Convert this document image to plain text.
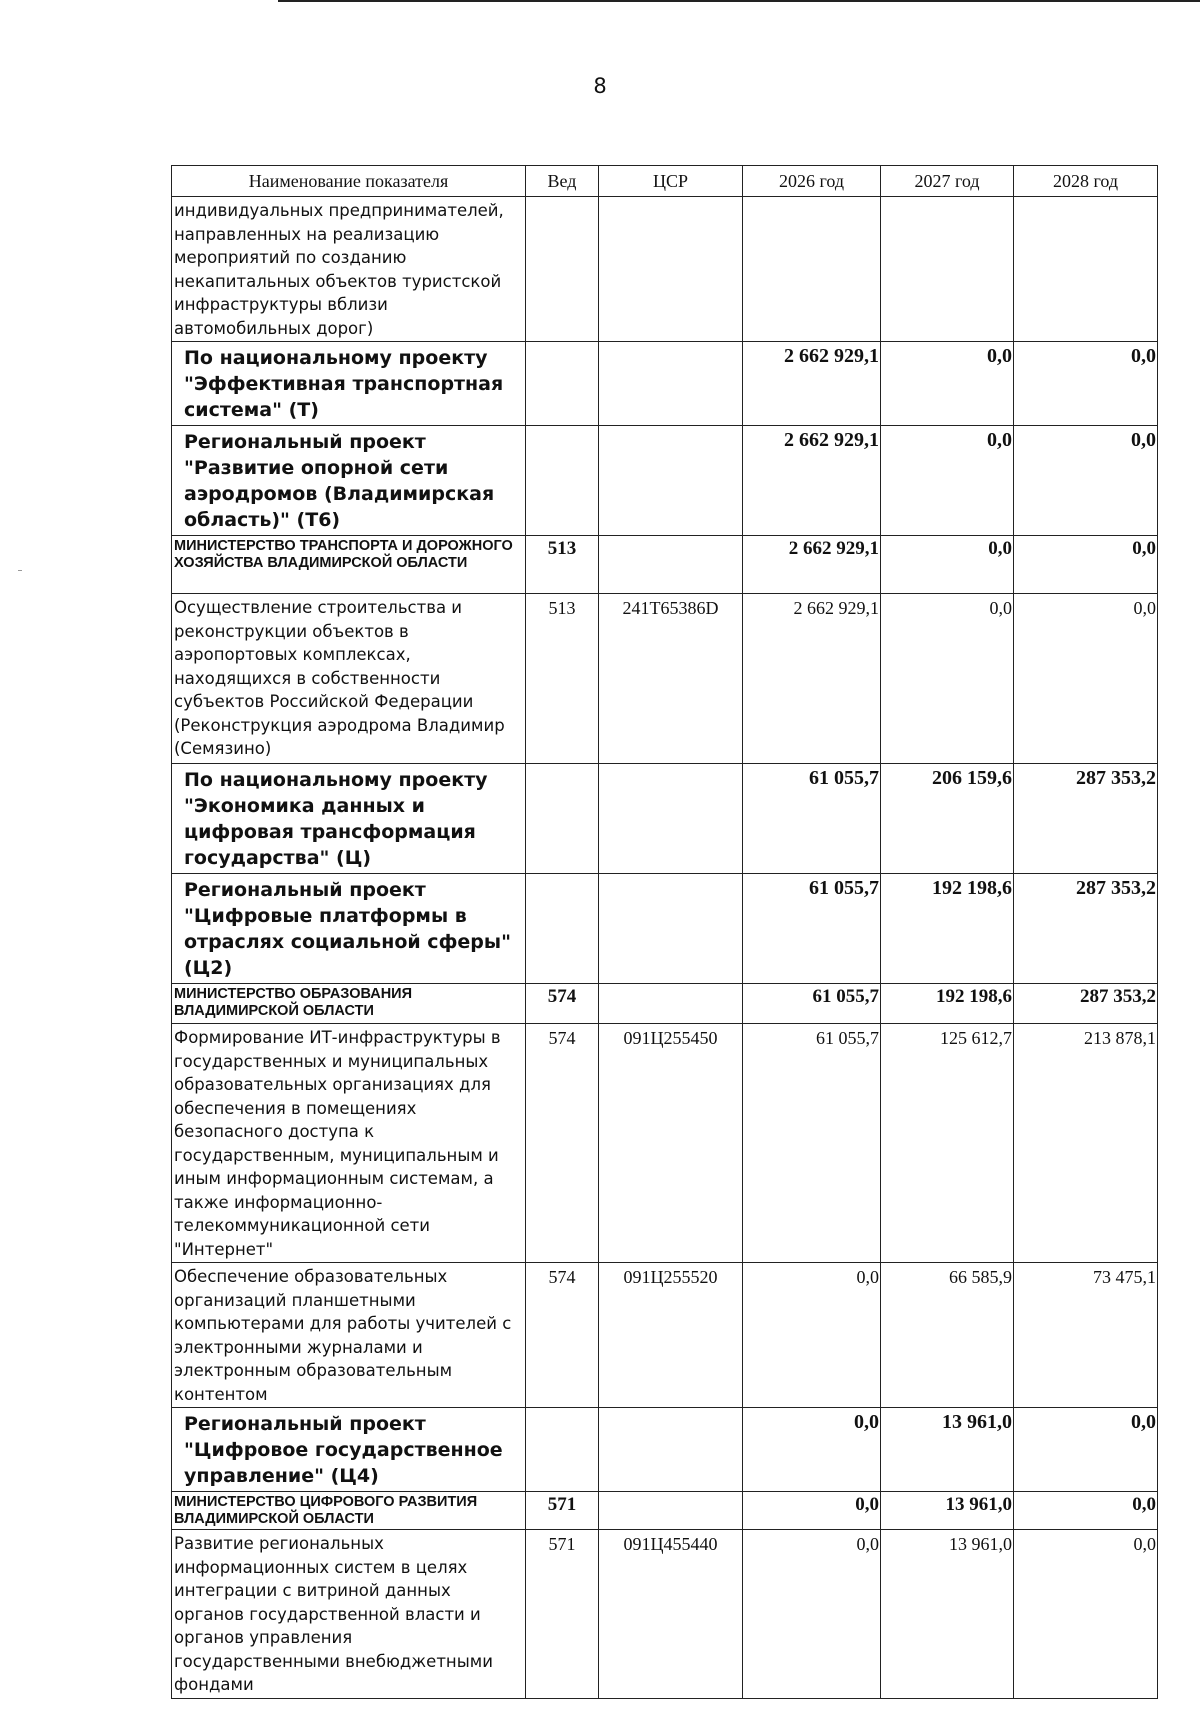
8
Наименование показателя	Вед	ЦСР	2026 год	2027 год	2028 год
индивидуальных предпринимателей, направленных на реализацию мероприятий по созданию некапитальных объектов туристской инфраструктуры вблизи автомобильных дорог)					
По национальному проекту "Эффективная транспортная система" (Т)			2 662 929,1	0,0	0,0
Региональный проект "Развитие опорной сети аэродромов (Владимирская область)" (Т6)			2 662 929,1	0,0	0,0
МИНИСТЕРСТВО ТРАНСПОРТА И ДОРОЖНОГО ХОЗЯЙСТВА ВЛАДИМИРСКОЙ ОБЛАСТИ	513		2 662 929,1	0,0	0,0
Осуществление строительства и реконструкции объектов в аэропортовых комплексах, находящихся в собственности субъектов Российской Федерации (Реконструкция аэродрома Владимир (Семязино)	513	241Т65386D	2 662 929,1	0,0	0,0
По национальному проекту "Экономика данных и цифровая трансформация государства" (Ц)			61 055,7	206 159,6	287 353,2
Региональный проект "Цифровые платформы в отраслях социальной сферы" (Ц2)			61 055,7	192 198,6	287 353,2
МИНИСТЕРСТВО ОБРАЗОВАНИЯ ВЛАДИМИРСКОЙ ОБЛАСТИ	574		61 055,7	192 198,6	287 353,2
Формирование ИТ-инфраструктуры в государственных и муниципальных образовательных организациях для обеспечения в помещениях безопасного доступа к государственным, муниципальным и иным информационным системам, а также информационно-телекоммуникационной сети "Интернет"	574	091Ц255450	61 055,7	125 612,7	213 878,1
Обеспечение образовательных организаций планшетными компьютерами для работы учителей с электронными журналами и электронным образовательным контентом	574	091Ц255520	0,0	66 585,9	73 475,1
Региональный проект "Цифровое государственное управление" (Ц4)			0,0	13 961,0	0,0
МИНИСТЕРСТВО ЦИФРОВОГО РАЗВИТИЯ ВЛАДИМИРСКОЙ ОБЛАСТИ	571		0,0	13 961,0	0,0
Развитие региональных информационных систем в целях интеграции с витриной данных органов государственной власти и органов управления государственными внебюджетными фондами	571	091Ц455440	0,0	13 961,0	0,0
